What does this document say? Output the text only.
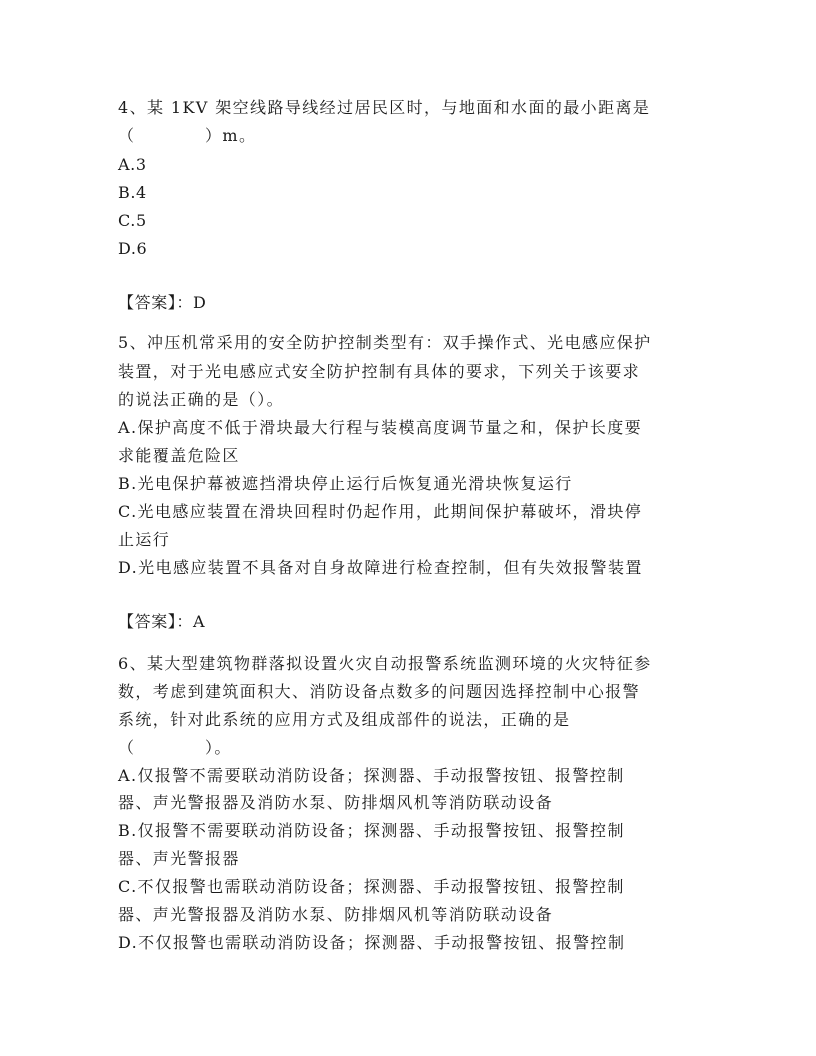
4、某 1KV 架空线路导线经过居民区时，与地面和水面的最小距离是
（　　　　）m。
A.3
B.4
C.5
D.6
【答案】：D
5、冲压机常采用的安全防护控制类型有：双手操作式、光电感应保护
装置，对于光电感应式安全防护控制有具体的要求，下列关于该要求
的说法正确的是（）。
A.保护高度不低于滑块最大行程与装模高度调节量之和，保护长度要
求能覆盖危险区
B.光电保护幕被遮挡滑块停止运行后恢复通光滑块恢复运行
C.光电感应装置在滑块回程时仍起作用，此期间保护幕破坏，滑块停
止运行
D.光电感应装置不具备对自身故障进行检查控制，但有失效报警装置
【答案】：A
6、某大型建筑物群落拟设置火灾自动报警系统监测环境的火灾特征参
数，考虑到建筑面积大、消防设备点数多的问题因选择控制中心报警
系统，针对此系统的应用方式及组成部件的说法，正确的是
（　　　　）。
A.仅报警不需要联动消防设备；探测器、手动报警按钮、报警控制
器、声光警报器及消防水泵、防排烟风机等消防联动设备
B.仅报警不需要联动消防设备；探测器、手动报警按钮、报警控制
器、声光警报器
C.不仅报警也需联动消防设备；探测器、手动报警按钮、报警控制
器、声光警报器及消防水泵、防排烟风机等消防联动设备
D.不仅报警也需联动消防设备；探测器、手动报警按钮、报警控制
